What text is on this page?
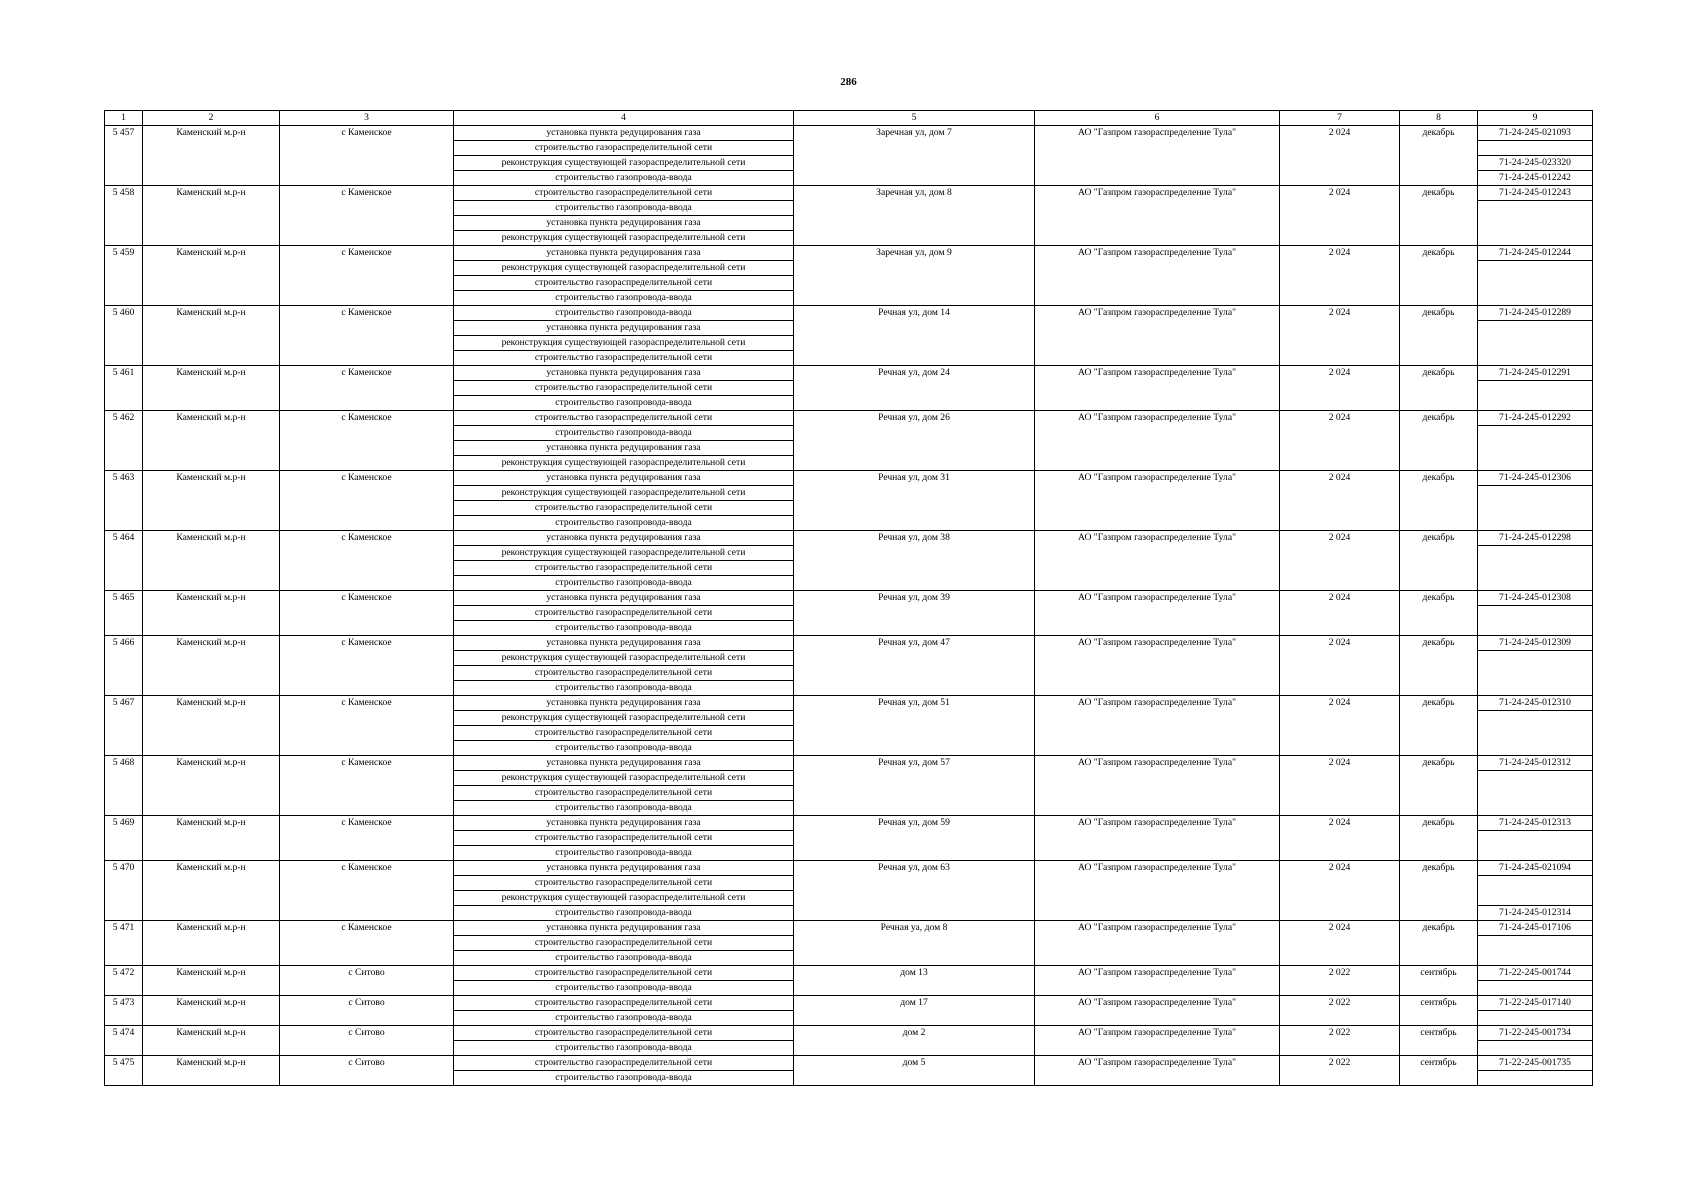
286
1	2	3	4	5	6	7	8	9
5 457	Каменский м.р-н	с Каменское	установка пункта редуцирования газа	Заречная ул, дом 7	АО "Газпром газораспределение Тула"	2 024	декабрь	71-24-245-021093
			строительство газораспределительной сети					
			реконструкция существующей газораспределительной сети					71-24-245-023320
			строительство газопровода-ввода					71-24-245-012242
5 458	Каменский м.р-н	с Каменское	строительство газораспределительной сети	Заречная ул, дом 8	АО "Газпром газораспределение Тула"	2 024	декабрь	71-24-245-012243
			строительство газопровода-ввода					
			установка пункта редуцирования газа					
			реконструкция существующей газораспределительной сети					
5 459	Каменский м.р-н	с Каменское	установка пункта редуцирования газа	Заречная ул, дом 9	АО "Газпром газораспределение Тула"	2 024	декабрь	71-24-245-012244
			реконструкция существующей газораспределительной сети					
			строительство газораспределительной сети					
			строительство газопровода-ввода					
5 460	Каменский м.р-н	с Каменское	строительство газопровода-ввода	Речная ул, дом 14	АО "Газпром газораспределение Тула"	2 024	декабрь	71-24-245-012289
			установка пункта редуцирования газа					
			реконструкция существующей газораспределительной сети					
			строительство газораспределительной сети					
5 461	Каменский м.р-н	с Каменское	установка пункта редуцирования газа	Речная ул, дом 24	АО "Газпром газораспределение Тула"	2 024	декабрь	71-24-245-012291
			строительство газораспределительной сети					
			строительство газопровода-ввода					
5 462	Каменский м.р-н	с Каменское	строительство газораспределительной сети	Речная ул, дом 26	АО "Газпром газораспределение Тула"	2 024	декабрь	71-24-245-012292
			строительство газопровода-ввода					
			установка пункта редуцирования газа					
			реконструкция существующей газораспределительной сети					
5 463	Каменский м.р-н	с Каменское	установка пункта редуцирования газа	Речная ул, дом 31	АО "Газпром газораспределение Тула"	2 024	декабрь	71-24-245-012306
			реконструкция существующей газораспределительной сети					
			строительство газораспределительной сети					
			строительство газопровода-ввода					
5 464	Каменский м.р-н	с Каменское	установка пункта редуцирования газа	Речная ул, дом 38	АО "Газпром газораспределение Тула"	2 024	декабрь	71-24-245-012298
			реконструкция существующей газораспределительной сети					
			строительство газораспределительной сети					
			строительство газопровода-ввода					
5 465	Каменский м.р-н	с Каменское	установка пункта редуцирования газа	Речная ул, дом 39	АО "Газпром газораспределение Тула"	2 024	декабрь	71-24-245-012308
			строительство газораспределительной сети					
			строительство газопровода-ввода					
5 466	Каменский м.р-н	с Каменское	установка пункта редуцирования газа	Речная ул, дом 47	АО "Газпром газораспределение Тула"	2 024	декабрь	71-24-245-012309
			реконструкция существующей газораспределительной сети					
			строительство газораспределительной сети					
			строительство газопровода-ввода					
5 467	Каменский м.р-н	с Каменское	установка пункта редуцирования газа	Речная ул, дом 51	АО "Газпром газораспределение Тула"	2 024	декабрь	71-24-245-012310
			реконструкция существующей газораспределительной сети					
			строительство газораспределительной сети					
			строительство газопровода-ввода					
5 468	Каменский м.р-н	с Каменское	установка пункта редуцирования газа	Речная ул, дом 57	АО "Газпром газораспределение Тула"	2 024	декабрь	71-24-245-012312
			реконструкция существующей газораспределительной сети					
			строительство газораспределительной сети					
			строительство газопровода-ввода					
5 469	Каменский м.р-н	с Каменское	установка пункта редуцирования газа	Речная ул, дом 59	АО "Газпром газораспределение Тула"	2 024	декабрь	71-24-245-012313
			строительство газораспределительной сети					
			строительство газопровода-ввода					
5 470	Каменский м.р-н	с Каменское	установка пункта редуцирования газа	Речная ул, дом 63	АО "Газпром газораспределение Тула"	2 024	декабрь	71-24-245-021094
			строительство газораспределительной сети					
			реконструкция существующей газораспределительной сети					
			строительство газопровода-ввода					71-24-245-012314
5 471	Каменский м.р-н	с Каменское	установка пункта редуцирования газа	Речная уа, дом 8	АО "Газпром газораспределение Тула"	2 024	декабрь	71-24-245-017106
			строительство газораспределительной сети					
			строительство газопровода-ввода					
5 472	Каменский м.р-н	с Ситово	строительство газораспределительной сети	дом 13	АО "Газпром газораспределение Тула"	2 022	сентябрь	71-22-245-001744
			строительство газопровода-ввода					
5 473	Каменский м.р-н	с Ситово	строительство газораспределительной сети	дом 17	АО "Газпром газораспределение Тула"	2 022	сентябрь	71-22-245-017140
			строительство газопровода-ввода					
5 474	Каменский м.р-н	с Ситово	строительство газораспределительной сети	дом 2	АО "Газпром газораспределение Тула"	2 022	сентябрь	71-22-245-001734
			строительство газопровода-ввода					
5 475	Каменский м.р-н	с Ситово	строительство газораспределительной сети	дом 5	АО "Газпром газораспределение Тула"	2 022	сентябрь	71-22-245-001735
			строительство газопровода-ввода					
